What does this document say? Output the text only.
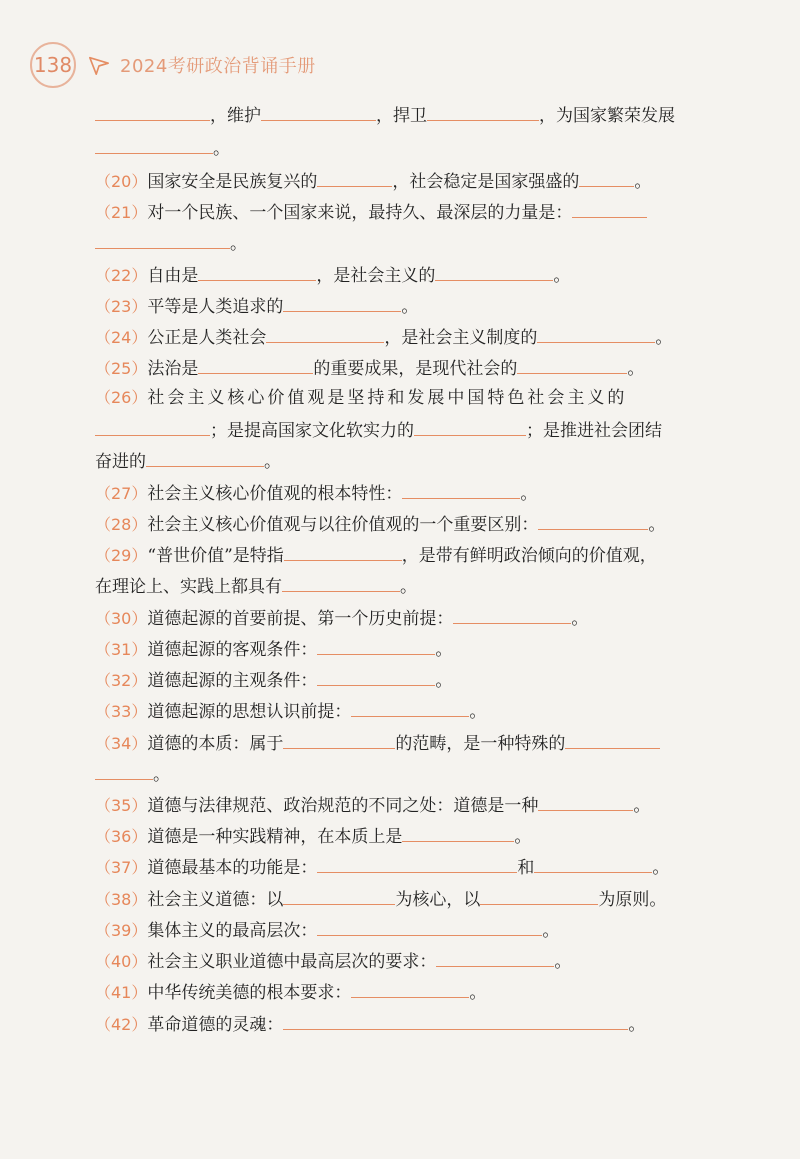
138	2024考研政治背诵手册
，维护	，捍卫	，为国家繁荣发展
。
（20）国家安全是民族复兴的	，社会稳定是国家强盛的	。
（21）对一个民族、一个国家来说，最持久、最深层的力量是：
。
（22）自由是	，是社会主义的	。
（23）平等是人类追求的	。
（24）公正是人类社会	，是社会主义制度的	。
（25）法治是	的重要成果，是现代社会的	。
（26）社会主义核心价值观是坚持和发展中国特色社会主义的
；是提高国家文化软实力的	；是推进社会团结
奋进的	。
（27）社会主义核心价值观的根本特性：	。
（28）社会主义核心价值观与以往价值观的一个重要区别：	。
（29）“普世价值”是特指	，是带有鲜明政治倾向的价值观，
在理论上、实践上都具有	。
（30）道德起源的首要前提、第一个历史前提：	。
（31）道德起源的客观条件：	。
（32）道德起源的主观条件：	。
（33）道德起源的思想认识前提：	。
（34）道德的本质：属于	的范畴，是一种特殊的
。
（35）道德与法律规范、政治规范的不同之处：道德是一种	。
（36）道德是一种实践精神，在本质上是	。
（37）道德最基本的功能是：	和	。
（38）社会主义道德：以	为核心，以	为原则。
（39）集体主义的最高层次：	。
（40）社会主义职业道德中最高层次的要求：	。
（41）中华传统美德的根本要求：	。
（42）革命道德的灵魂：	。
